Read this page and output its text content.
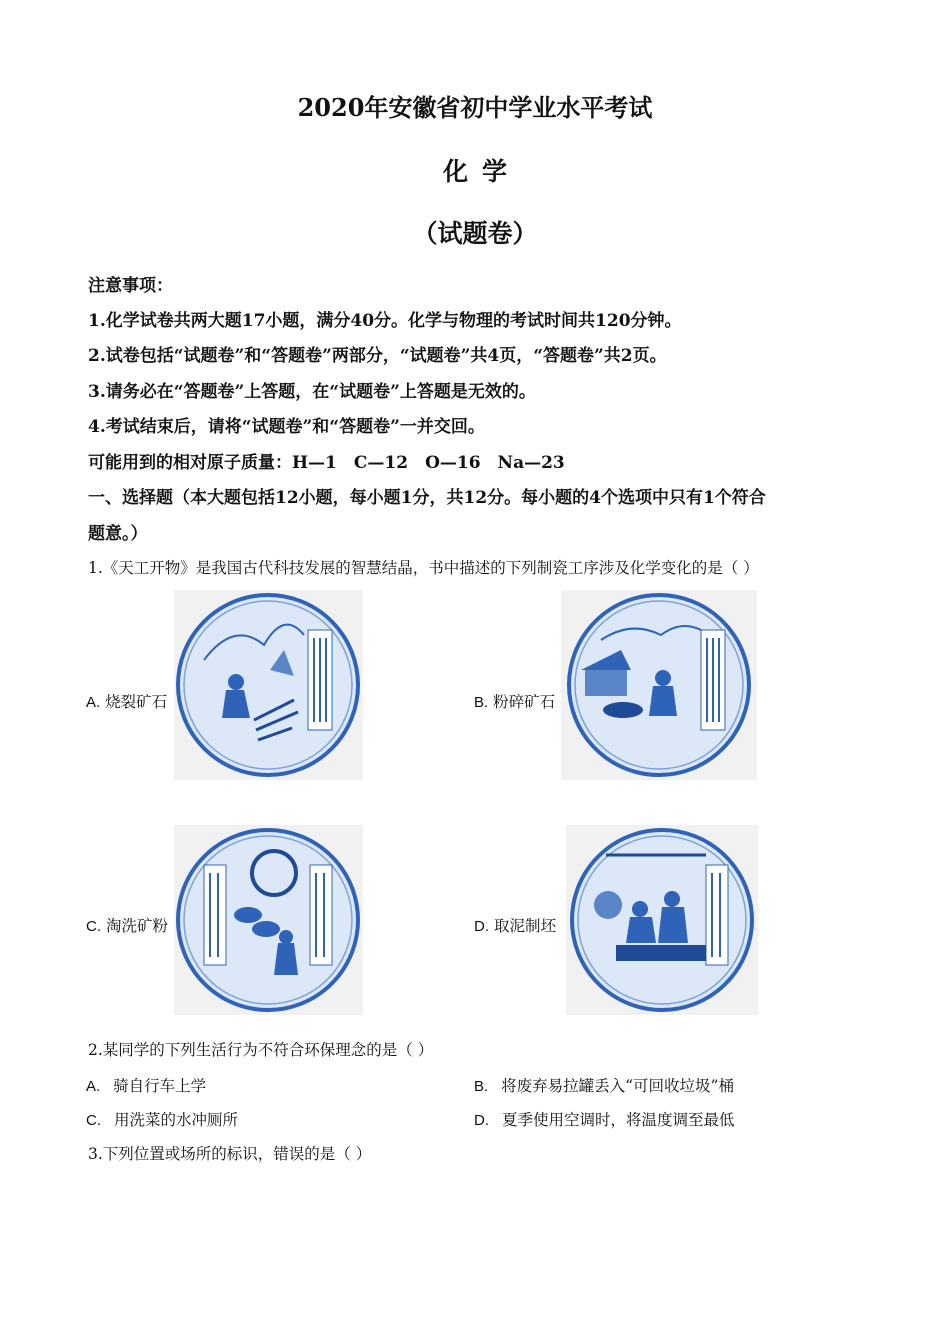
2020年安徽省初中学业水平考试
化学
（试题卷）
注意事项：
1.化学试卷共两大题17小题，满分40分。化学与物理的考试时间共120分钟。
2.试卷包括“试题卷”和“答题卷”两部分，“试题卷”共4页，“答题卷”共2页。
3.请务必在“答题卷”上答题，在“试题卷”上答题是无效的。
4.考试结束后，请将“试题卷”和“答题卷”一并交回。
可能用到的相对原子质量：H—1　C—12　O—16　Na—23
一、选择题（本大题包括12小题，每小题1分，共12分。每小题的4个选项中只有1个符合
题意。）
1.《天工开物》是我国古代科技发展的智慧结晶，书中描述的下列制瓷工序涉及化学变化的是（ ）
A. 烧裂矿石	B. 粉碎矿石
C. 淘洗矿粉	D. 取泥制坯
2.某同学的下列生活行为不符合环保理念的是（ ）
A. 骑自行车上学	B. 将废弃易拉罐丢入“可回收垃圾”桶
C. 用洗菜的水冲厕所	D. 夏季使用空调时，将温度调至最低
3.下列位置或场所的标识，错误的是（ ）
